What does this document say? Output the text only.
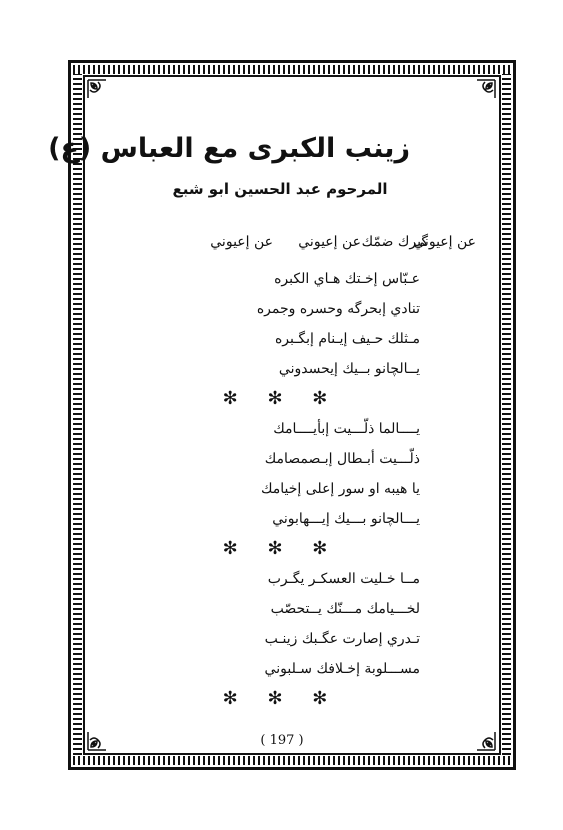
زينب الكبرى مع العباس (ع)
المرحوم عبد الحسين ابو شبع
عن إعيوني
عن إعيوني گبرك ضمّك
عن إعيوني
عـبّاس إخـتك هـاي الكبره
تنادي إبحرگه وحسره وجمره
مـثلك حـيف إيـنام إبگـبره
يــالچانو بــيك إيحسدوني
✻ ✻ ✻
يــــالما ذلّـــيت إبأيــــامك
ذلّـــيت أبـطال إبـصمصامك
يا هيبه او سور إعلى إخيامك
يـــالچانو بـــيك إيـــهابوني
✻ ✻ ✻
مــا خـليت العسكـر يگـرب
لخـــيامك مـــنّك يــتحصّب
تـدري إصارت عگـبك زينـب
مســـلوبة إخـلافك سـلبوني
✻ ✻ ✻
( 197 )
